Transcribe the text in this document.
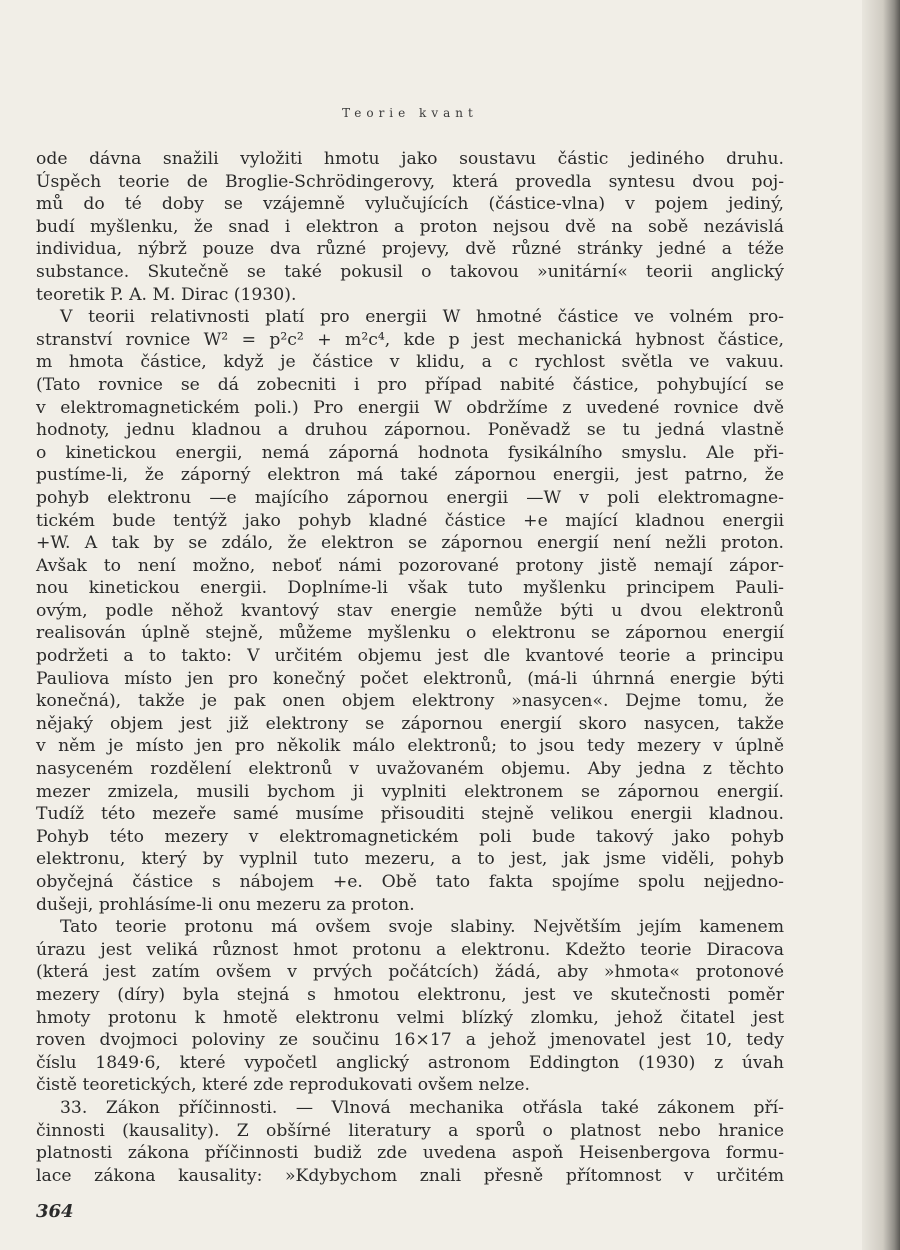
Teorie kvant
ode dávna snažili vyložiti hmotu jako soustavu částic jediného druhu.
Úspěch teorie de Broglie-Schrödingerovy, která provedla syntesu dvou poj-
mů do té doby se vzájemně vylučujících (částice-vlna) v pojem jediný,
budí myšlenku, že snad i elektron a proton nejsou dvě na sobě nezávislá
individua, nýbrž pouze dva různé projevy, dvě různé stránky jedné a téže
substance. Skutečně se také pokusil o takovou »unitární« teorii anglický
teoretik P. A. M. Dirac (1930).
V teorii relativnosti platí pro energii W hmotné částice ve volném pro-
stranství rovnice W² = p²c² + m²c⁴, kde p jest mechanická hybnost částice,
m hmota částice, když je částice v klidu, a c rychlost světla ve vakuu.
(Tato rovnice se dá zobecniti i pro případ nabité částice, pohybující se
v elektromagnetickém poli.) Pro energii W obdržíme z uvedené rovnice dvě
hodnoty, jednu kladnou a druhou zápornou. Poněvadž se tu jedná vlastně
o kinetickou energii, nemá záporná hodnota fysikálního smyslu. Ale při-
pustíme-li, že záporný elektron má také zápornou energii, jest patrno, že
pohyb elektronu —e majícího zápornou energii —W v poli elektromagne-
tickém bude tentýž jako pohyb kladné částice +e mající kladnou energii
+W. A tak by se zdálo, že elektron se zápornou energií není nežli proton.
Avšak to není možno, neboť námi pozorované protony jistě nemají zápor-
nou kinetickou energii. Doplníme-li však tuto myšlenku principem Pauli-
ovým, podle něhož kvantový stav energie nemůže býti u dvou elektronů
realisován úplně stejně, můžeme myšlenku o elektronu se zápornou energií
podržeti a to takto: V určitém objemu jest dle kvantové teorie a principu
Pauliova místo jen pro konečný počet elektronů, (má-li úhrnná energie býti
konečná), takže je pak onen objem elektrony »nasycen«. Dejme tomu, že
nějaký objem jest již elektrony se zápornou energií skoro nasycen, takže
v něm je místo jen pro několik málo elektronů; to jsou tedy mezery v úplně
nasyceném rozdělení elektronů v uvažovaném objemu. Aby jedna z těchto
mezer zmizela, musili bychom ji vyplniti elektronem se zápornou energií.
Tudíž této mezeře samé musíme přisouditi stejně velikou energii kladnou.
Pohyb této mezery v elektromagnetickém poli bude takový jako pohyb
elektronu, který by vyplnil tuto mezeru, a to jest, jak jsme viděli, pohyb
obyčejná částice s nábojem +e. Obě tato fakta spojíme spolu nejjedno-
dušeji, prohlásíme-li onu mezeru za proton.
Tato teorie protonu má ovšem svoje slabiny. Největším jejím kamenem
úrazu jest veliká různost hmot protonu a elektronu. Kdežto teorie Diracova
(která jest zatím ovšem v prvých počátcích) žádá, aby »hmota« protonové
mezery (díry) byla stejná s hmotou elektronu, jest ve skutečnosti poměr
hmoty protonu k hmotě elektronu velmi blízký zlomku, jehož čitatel jest
roven dvojmoci poloviny ze součinu 16×17 a jehož jmenovatel jest 10, tedy
číslu 1849·6, které vypočetl anglický astronom Eddington (1930) z úvah
čistě teoretických, které zde reprodukovati ovšem nelze.
33. Zákon příčinnosti. — Vlnová mechanika otřásla také zákonem pří-
činnosti (kausality). Z obšírné literatury a sporů o platnost nebo hranice
platnosti zákona příčinnosti budiž zde uvedena aspoň Heisenbergova formu-
lace zákona kausality: »Kdybychom znali přesně přítomnost v určitém
364
